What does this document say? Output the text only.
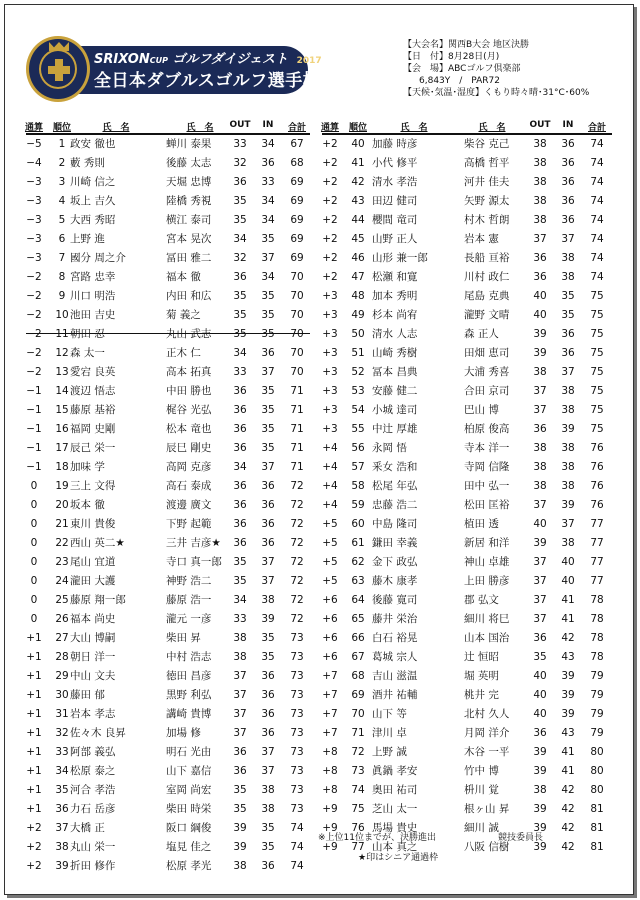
SRIXONCUP ゴルフダイジェスト 2017
全日本ダブルスゴルフ選手権
【大会名】関西B大会 地区決勝
【日　付】8月28日(月)
【会　場】ABCゴルフ倶楽部
6,843Y　/　PAR72
【天候･気温･湿度】くもり時々晴･31°C･60%
通算	順位	氏　名	氏　名	OUT	IN	合計
−5	1 政安 徹也	蝉川 泰果	33	34	67
−4	2 藪 秀則	後藤 太志	32	36	68
−3	3 川崎 信之	天堀 忠博	36	33	69
−3	4 坂上 吉久	陸橋 秀視	35	34	69
−3	5 大西 秀昭	横江 泰司	35	34	69
−3	6 上野 進	宮本 晃次	34	35	69
−3	7 國分 周之介	冨田 雅二	32	37	69
−2	8 宮路 忠幸	福本 徹	36	34	70
−2	9 川口 明浩	内田 和広	35	35	70
−2	10 池田 吉史	菊 義之	35	35	70
−2	11 朝田 忍	丸山 武志	35	35	70
−2	12 森 太一	正木 仁	34	36	70
−2	13 愛宕 良英	高本 拓真	33	37	70
−1	14 渡辺 悟志	中田 勝也	36	35	71
−1	15 藤原 基裕	梶谷 光弘	36	35	71
−1	16 福岡 史剛	松本 竜也	36	35	71
−1	17 辰己 栄一	辰巳 剛史	36	35	71
−1	18 加味 学	高岡 克彦	34	37	71
0	19 三上 文得	高石 泰成	36	36	72
0	20 坂本 徹	渡邊 廣文	36	36	72
0	21 東川 貴俊	下野 起範	36	36	72
0	22 西山 英二★	三井 吉彦★	36	36	72
0	23 尾山 宜道	寺口 真一郎	35	37	72
0	24 瀧田 大護	神野 浩二	35	37	72
0	25 藤原 翔一郎	藤原 浩一	34	38	72
0	26 福本 尚史	瀧元 一彦	33	39	72
+1	27 大山 博嗣	柴田 昇	38	35	73
+1	28 朝日 洋一	中村 浩志	38	35	73
+1	29 中山 文夫	徳田 昌彦	37	36	73
+1	30 藤田 郁	黒野 利弘	37	36	73
+1	31 岩本 孝志	講崎 貴博	37	36	73
+1	32 佐々木 良昇	加場 修	37	36	73
+1	33 阿部 義弘	明石 光由	36	37	73
+1	34 松原 泰之	山下 嘉信	36	37	73
+1	35 河合 孝浩	室岡 尚宏	35	38	73
+1	36 力石 岳彦	柴田 時栄	35	38	73
+2	37 大橋 正	阪口 綱俊	39	35	74
+2	38 丸山 栄一	塩見 佳之	39	35	74
+2	39 折田 修作	松原 孝光	38	36	74
通算	順位	氏　名	氏　名	OUT	IN	合計
+2	40 加藤 時彦	柴谷 克己	38	36	74
+2	41 小代 修平	高橋 哲平	38	36	74
+2	42 清水 孝浩	河井 佳夫	38	36	74
+2	43 田辺 健司	矢野 源太	38	36	74
+2	44 櫻間 竜司	村木 哲朗	38	36	74
+2	45 山野 正人	岩本 憲	37	37	74
+2	46 山形 兼一郎	長船 亘裕	36	38	74
+2	47 松瀬 和寛	川村 政仁	36	38	74
+3	48 加本 秀明	尾島 克典	40	35	75
+3	49 杉本 尚宥	瀧野 文晴	40	35	75
+3	50 清水 人志	森 正人	39	36	75
+3	51 山崎 秀樹	田畑 恵司	39	36	75
+3	52 冨本 昌典	大浦 秀喜	38	37	75
+3	53 安藤 健二	合田 京司	37	38	75
+3	54 小城 達司	巴山 博	37	38	75
+3	55 中辻 厚雄	柏原 俊高	36	39	75
+4	56 永岡 悟	寺本 洋一	38	38	76
+4	57 釆女 浩和	寺岡 信隆	38	38	76
+4	58 松尾 年弘	田中 弘一	38	38	76
+4	59 忠藤 浩二	松田 匡裕	37	39	76
+5	60 中島 隆司	植田 透	40	37	77
+5	61 鎌田 幸義	新居 和洋	39	38	77
+5	62 金下 政弘	神山 卓雄	37	40	77
+5	63 藤木 康孝	上田 勝彦	37	40	77
+6	64 後藤 寛司	郡 弘文	37	41	78
+6	65 藤井 栄治	細川 将巳	37	41	78
+6	66 白石 裕晃	山本 国治	36	42	78
+6	67 葛城 宗人	辻 恒昭	35	43	78
+7	68 吉山 滋温	堀 英明	40	39	79
+7	69 酒井 祐輔	桃井 完	40	39	79
+7	70 山下 等	北村 久人	40	39	79
+7	71 津川 卓	月岡 洋介	36	43	79
+8	72 上野 誠	木谷 一平	39	41	80
+8	73 眞鍋 孝安	竹中 博	39	41	80
+8	74 奥田 祐司	枡川 覚	38	42	80
+9	75 芝山 太一	根ヶ山 昇	39	42	81
+9	76 馬場 貴史	細川 誠	39	42	81
+9	77 山本 真之	八阪 信樹	39	42	81
※上位11位までが、決勝進出	競技委員長
★印はシニア通過枠
